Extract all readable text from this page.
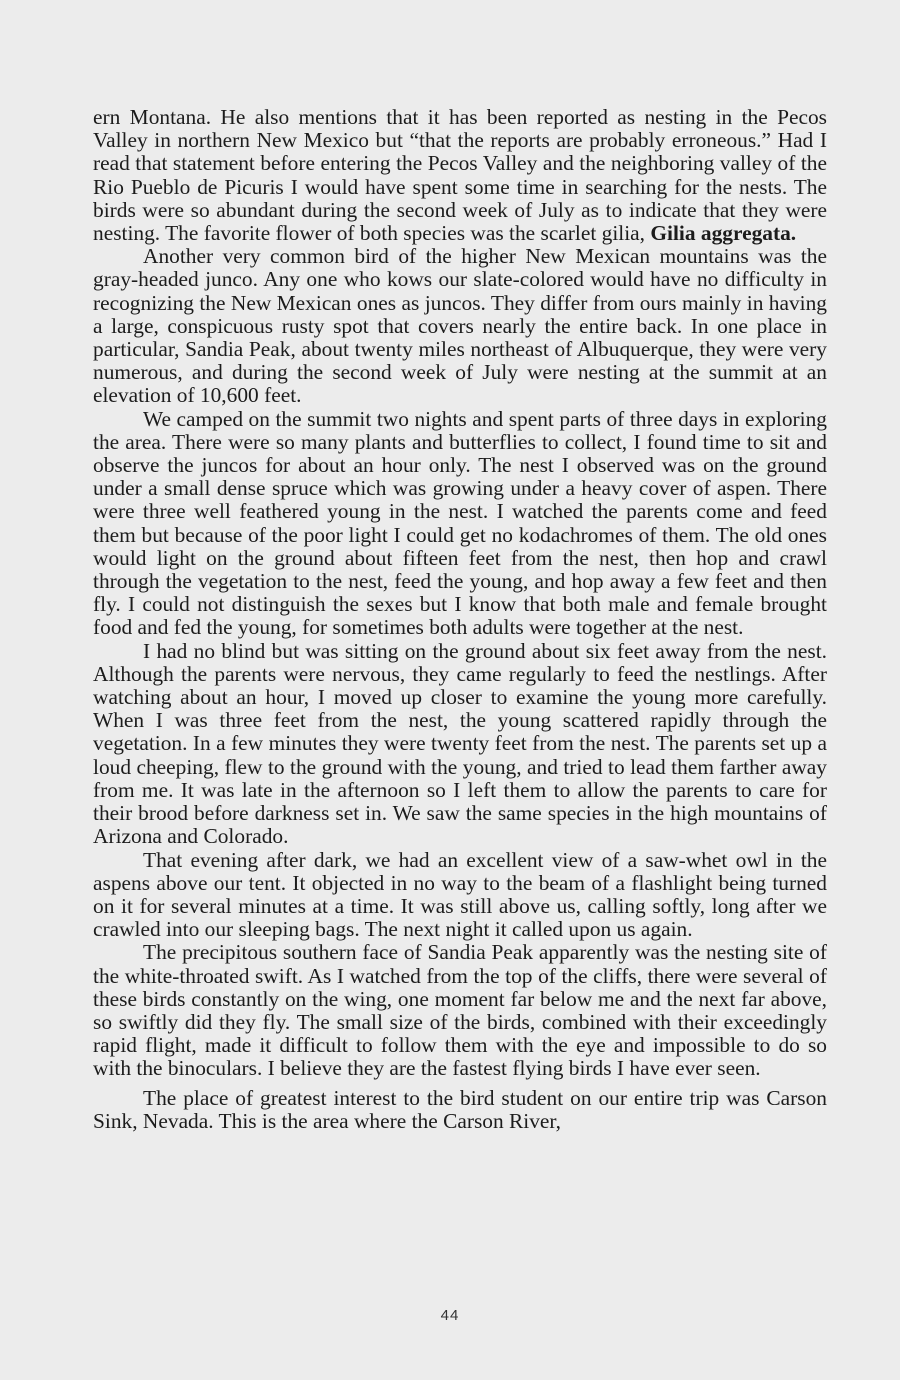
ern Montana. He also mentions that it has been reported as nesting in the Pecos Valley in northern New Mexico but “that the reports are probably erroneous.” Had I read that statement before entering the Pecos Valley and the neighboring valley of the Rio Pueblo de Picuris I would have spent some time in searching for the nests. The birds were so abundant during the second week of July as to indicate that they were nesting. The favorite flower of both species was the scarlet gilia, Gilia aggregata.

Another very common bird of the higher New Mexican mountains was the gray-headed junco. Any one who kows our slate-colored would have no difficulty in recognizing the New Mexican ones as juncos. They differ from ours mainly in having a large, conspicuous rusty spot that covers nearly the entire back. In one place in particular, Sandia Peak, about twenty miles northeast of Albuquerque, they were very numerous, and during the second week of July were nesting at the summit at an elevation of 10,600 feet.

We camped on the summit two nights and spent parts of three days in exploring the area. There were so many plants and butterflies to collect, I found time to sit and observe the juncos for about an hour only. The nest I observed was on the ground under a small dense spruce which was growing under a heavy cover of aspen. There were three well feathered young in the nest. I watched the parents come and feed them but because of the poor light I could get no kodachromes of them. The old ones would light on the ground about fifteen feet from the nest, then hop and crawl through the vegetation to the nest, feed the young, and hop away a few feet and then fly. I could not distinguish the sexes but I know that both male and female brought food and fed the young, for sometimes both adults were together at the nest.

I had no blind but was sitting on the ground about six feet away from the nest. Although the parents were nervous, they came regularly to feed the nestlings. After watching about an hour, I moved up closer to examine the young more carefully. When I was three feet from the nest, the young scattered rapidly through the vegetation. In a few minutes they were twenty feet from the nest. The parents set up a loud cheeping, flew to the ground with the young, and tried to lead them farther away from me. It was late in the afternoon so I left them to allow the parents to care for their brood before darkness set in. We saw the same species in the high mountains of Arizona and Colorado.

That evening after dark, we had an excellent view of a saw-whet owl in the aspens above our tent. It objected in no way to the beam of a flashlight being turned on it for several minutes at a time. It was still above us, calling softly, long after we crawled into our sleeping bags. The next night it called upon us again.

The precipitous southern face of Sandia Peak apparently was the nesting site of the white-throated swift. As I watched from the top of the cliffs, there were several of these birds constantly on the wing, one moment far below me and the next far above, so swiftly did they fly. The small size of the birds, combined with their exceedingly rapid flight, made it difficult to follow them with the eye and impossible to do so with the binoculars. I believe they are the fastest flying birds I have ever seen.

The place of greatest interest to the bird student on our entire trip was Carson Sink, Nevada. This is the area where the Carson River,

44
